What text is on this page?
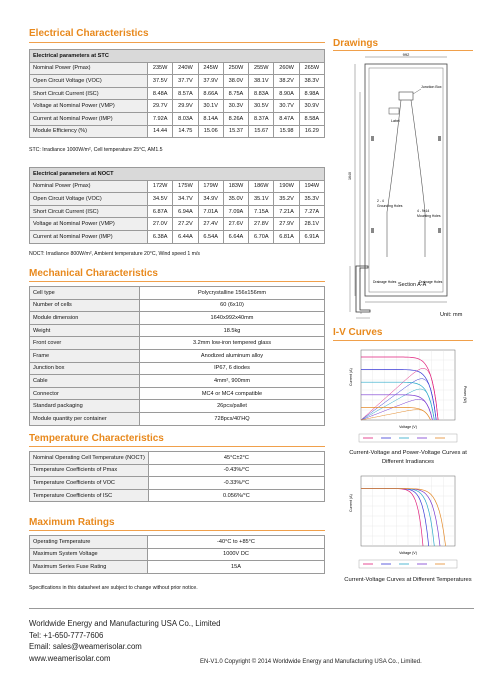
Electrical Characteristics
Electrical parameters at STC							
Nominal Power (Pmax)	235W	240W	245W	250W	255W	260W	265W
Open Circuit Voltage (VOC)	37.5V	37.7V	37.9V	38.0V	38.1V	38.2V	38.3V
Short Circuit Current (ISC)	8.48A	8.57A	8.66A	8.75A	8.83A	8.90A	8.98A
Voltage at Nominal Power (VMP)	29.7V	29.9V	30.1V	30.3V	30.5V	30.7V	30.9V
Current at Nominal Power (IMP)	7.92A	8.03A	8.14A	8.26A	8.37A	8.47A	8.58A
Module Efficiency (%)	14.44	14.75	15.06	15.37	15.67	15.98	16.29
STC: Irradiance 1000W/m², Cell temperature 25°C, AM1.5
Electrical parameters at NOCT							
Nominal Power (Pmax)	172W	175W	179W	183W	186W	190W	194W
Open Circuit Voltage (VOC)	34.5V	34.7V	34.9V	35.0V	35.1V	35.2V	35.3V
Short Circuit Current (ISC)	6.87A	6.94A	7.01A	7.09A	7.15A	7.21A	7.27A
Voltage at Nominal Power (VMP)	27.0V	27.2V	27.4V	27.6V	27.8V	27.9V	28.1V
Current at Nominal Power (IMP)	6.38A	6.44A	6.54A	6.64A	6.70A	6.81A	6.91A
NOCT: Irradiance 800W/m², Ambient temperature 20°C, Wind speed 1 m/s
Mechanical Characteristics
Cell type	Polycrystalline 156x156mm
Number of cells	60 (6x10)
Module dimension	1640x992x40mm
Weight	18.5kg
Front cover	3.2mm low-iron tempered glass
Frame	Anodized aluminum alloy
Junction box	IP67, 6 diodes
Cable	4mm², 900mm
Connector	MC4 or MC4 compatible
Standard packaging	26pcs/pallet
Module quantity per container	728pcs/40'HQ
Temperature Characteristics
Nominal Operating Cell Temperature (NOCT)	45°C±2°C
Temperature Coefficients of Pmax	-0.43%/°C
Temperature Coefficients of VOC	-0.33%/°C
Temperature Coefficients of ISC	0.056%/°C
Maximum Ratings
Operating Temperature	-40°C to +85°C
Maximum System Voltage	1000V DC
Maximum Series Fuse Rating	15A
Specifications in this datasheet are subject to change without prior notice.
Drawings
992
Junction Box
Label
1640
4 - 9x14
Mounting Holes
2 - 4
Grounding Holes
Drainage Holes	Drainage Holes
Section A-A
Unit: mm
I-V Curves
Current (A)
Power (W)
Voltage (V)
Current-Voltage and Power-Voltage Curves at Different Irradiances
Current (A)
Voltage (V)
Current-Voltage Curves at Different Temperatures
Worldwide Energy and Manufacturing USA Co., Limited
Tel: +1-650-777-7606
Email: sales@weamerisolar.com
www.weamerisolar.com	EN-V1.0 Copyright © 2014 Worldwide Energy and Manufacturing USA Co., Limited.
